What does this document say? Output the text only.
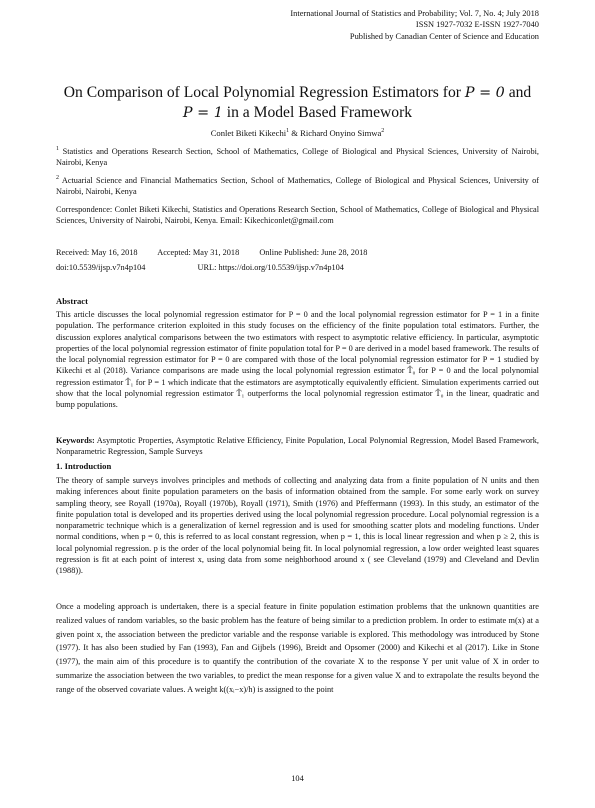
International Journal of Statistics and Probability; Vol. 7, No. 4; July 2018
ISSN 1927-7032 E-ISSN 1927-7040
Published by Canadian Center of Science and Education
On Comparison of Local Polynomial Regression Estimators for P = 0 and
P = 1 in a Model Based Framework
Conlet Biketi Kikechi$^1$ & Richard Onyino Simwa$^2$

$^1$ Statistics and Operations Research Section, School of Mathematics, College of Biological and Physical Sciences, University of Nairobi, Nairobi, Kenya

$^2$ Actuarial Science and Financial Mathematics Section, School of Mathematics, College of Biological and Physical Sciences, University of Nairobi, Nairobi, Kenya

Correspondence: Conlet Biketi Kikechi, Statistics and Operations Research Section, School of Mathematics, College of Biological and Physical Sciences, University of Nairobi, Nairobi, Kenya. Email: Kikechiconlet@gmail.com

Received: May 16, 2018 Accepted: May 31, 2018 Online Published: June 28, 2018
doi:10.5539/ijsp.v7n4p104	URL: https://doi.org/10.5539/ijsp.v7n4p104
Abstract

This article discusses the local polynomial regression estimator for P = 0 and the local polynomial regression estimator for P = 1 in a finite population. The performance criterion exploited in this study focuses on the efficiency of the finite population total estimators. Further, the discussion explores analytical comparisons between the two estimators with respect to asymptotic relative efficiency. In particular, asymptotic properties of the local polynomial regression estimator of finite population total for P = 0 are derived in a model based framework. The results of the local polynomial regression estimator for P = 0 are compared with those of the local polynomial regression estimator for P = 1 studied by Kikechi et al (2018). Variance comparisons are made using the local polynomial regression estimator T̂₀ for P = 0 and the local polynomial regression estimator T̂₁ for P = 1 which indicate that the estimators are asymptotically equivalently efficient. Simulation experiments carried out show that the local polynomial regression estimator T̂₁ outperforms the local polynomial regression estimator T̂₀ in the linear, quadratic and bump populations.

Keywords: Asymptotic Properties, Asymptotic Relative Efficiency, Finite Population, Local Polynomial Regression, Model Based Framework, Nonparametric Regression, Sample Surveys

1. Introduction

The theory of sample surveys involves principles and methods of collecting and analyzing data from a finite population of N units and then making inferences about finite population parameters on the basis of information obtained from the sample. For some early work on survey sampling theory, see Royall (1970a), Royall (1970b), Royall (1971), Smith (1976) and Pfeffermann (1993). In this study, an estimator of the finite population total is developed and its properties derived using the local polynomial regression procedure. Local polynomial regression is a nonparametric technique which is a generalization of kernel regression and is used for smoothing scatter plots and modeling functions. Under normal conditions, when p = 0, this is referred to as local constant regression, when p = 1, this is local linear regression and when p ≥ 2, this is local polynomial regression. p is the order of the local polynomial being fit. In local polynomial regression, a low order weighted least squares regression is fit at each point of interest x, using data from some neighborhood around x ( see Cleveland (1979) and Cleveland and Devlin (1988)).

Once a modeling approach is undertaken, there is a special feature in finite population estimation problems that the unknown quantities are realized values of random variables, so the basic problem has the feature of being similar to a prediction problem. In order to estimate m(x) at a given point x, the association between the predictor variable and the response variable is explored. This methodology was introduced by Stone (1977). It has also been studied by Fan (1993), Fan and Gijbels (1996), Breidt and Opsomer (2000) and Kikechi et al (2017). Like in Stone (1977), the main aim of this procedure is to quantify the contribution of the covariate X to the response Y per unit value of X in order to summarize the association between the two variables, to predict the mean response for a given value X and to extrapolate the results beyond the range of the observed covariate values. A weight k((xᵢ−x)/h) is assigned to the point

104
